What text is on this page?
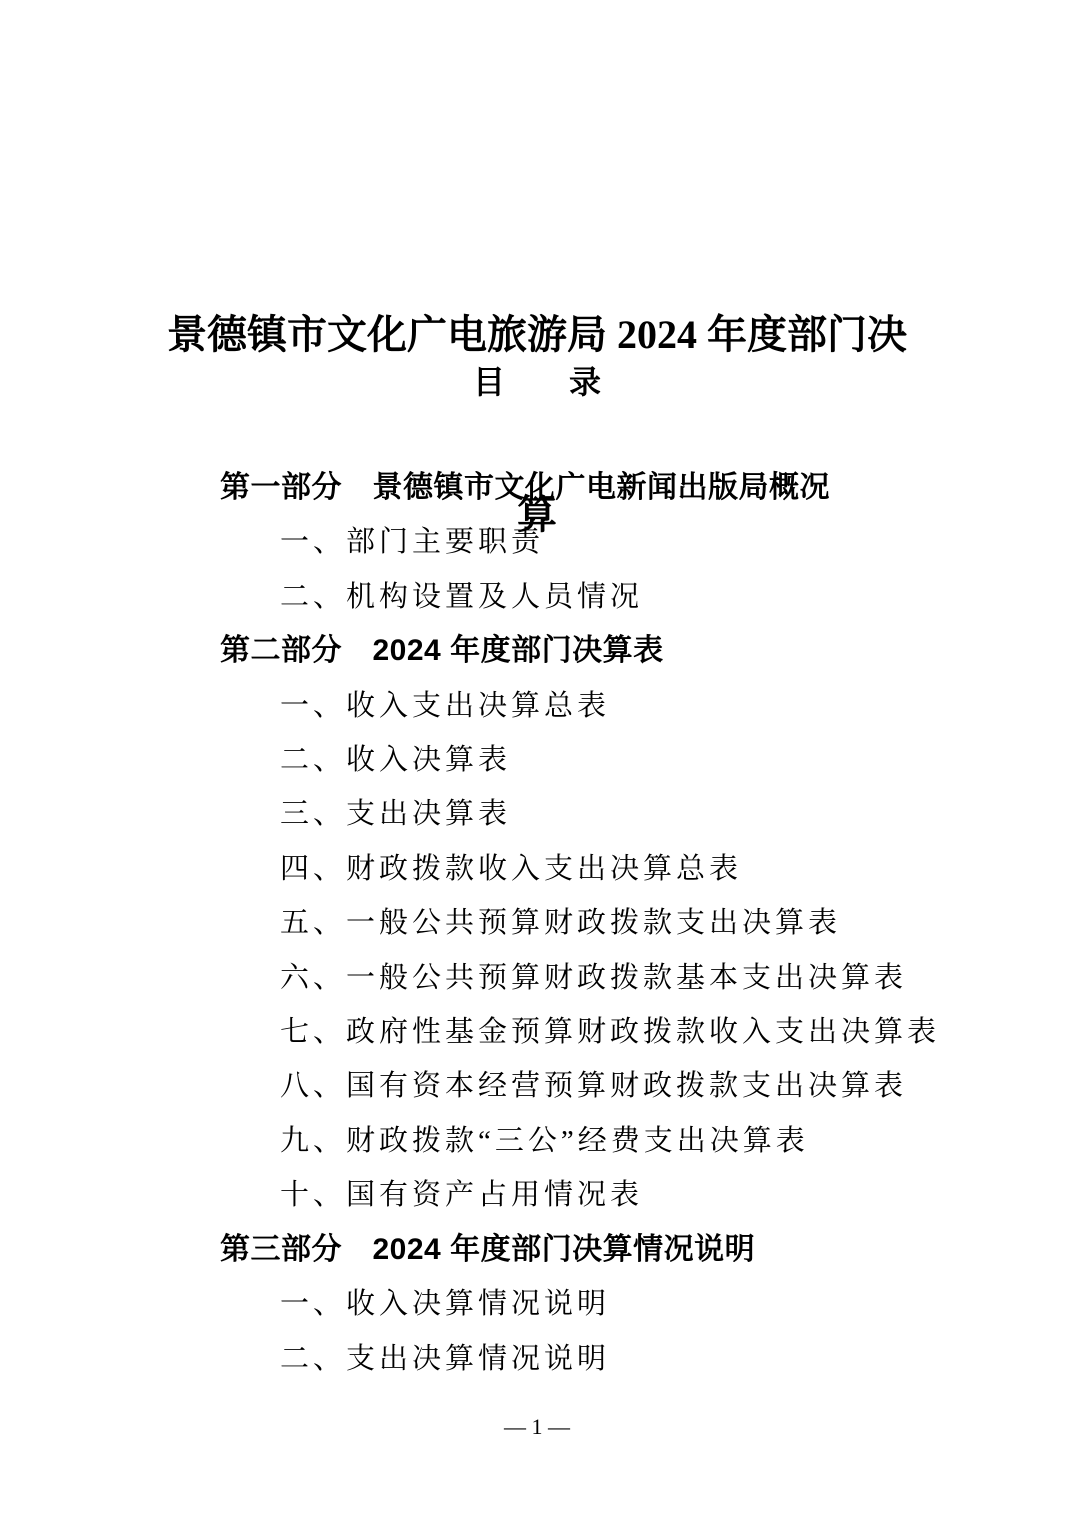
景德镇市文化广电旅游局 2024 年度部门决

算

目　　录
第一部分　景德镇市文化广电新闻出版局概况
一、部门主要职责
二、机构设置及人员情况
第二部分　2024 年度部门决算表
一、收入支出决算总表
二、收入决算表
三、支出决算表
四、财政拨款收入支出决算总表
五、一般公共预算财政拨款支出决算表
六、一般公共预算财政拨款基本支出决算表
七、政府性基金预算财政拨款收入支出决算表
八、国有资本经营预算财政拨款支出决算表
九、财政拨款“三公”经费支出决算表
十、国有资产占用情况表
第三部分　2024 年度部门决算情况说明
一、收入决算情况说明
二、支出决算情况说明
— 1 —
